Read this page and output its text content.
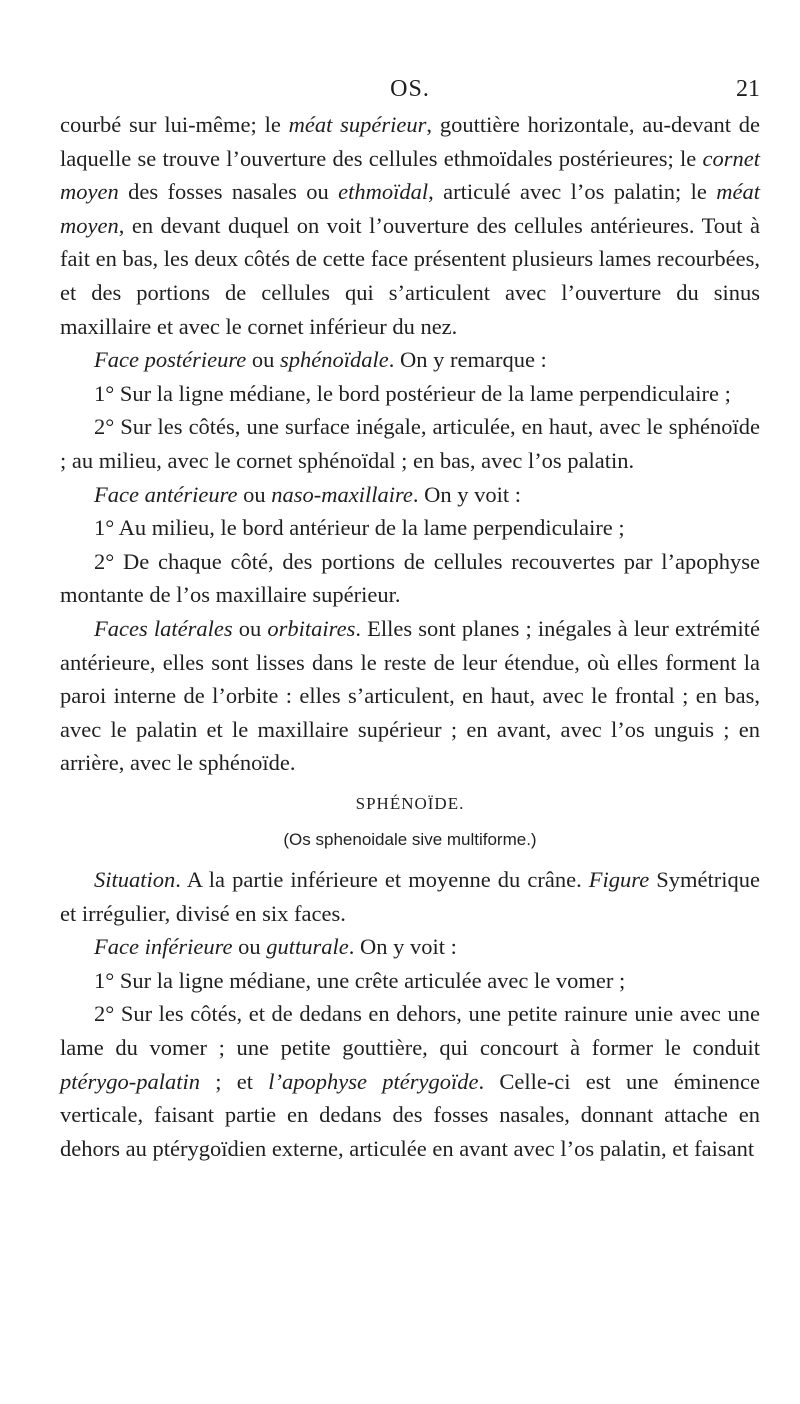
OS.	21

courbé sur lui-même; le méat supérieur, gouttière horizontale, au-devant de laquelle se trouve l’ouverture des cellules ethmoïdales postérieures; le cornet moyen des fosses nasales ou ethmoïdal, articulé avec l’os palatin; le méat moyen, en devant duquel on voit l’ouverture des cellules antérieures. Tout à fait en bas, les deux côtés de cette face présentent plusieurs lames recourbées, et des portions de cellules qui s’articulent avec l’ouverture du sinus maxillaire et avec le cornet inférieur du nez.

Face postérieure ou sphénoïdale. On y remarque :

1° Sur la ligne médiane, le bord postérieur de la lame perpendiculaire ;

2° Sur les côtés, une surface inégale, articulée, en haut, avec le sphénoïde ; au milieu, avec le cornet sphénoïdal ; en bas, avec l’os palatin.

Face antérieure ou naso-maxillaire. On y voit :

1° Au milieu, le bord antérieur de la lame perpendiculaire ;

2° De chaque côté, des portions de cellules recouvertes par l’apophyse montante de l’os maxillaire supérieur.

Faces latérales ou orbitaires. Elles sont planes ; inégales à leur extrémité antérieure, elles sont lisses dans le reste de leur étendue, où elles forment la paroi interne de l’orbite : elles s’articulent, en haut, avec le frontal ; en bas, avec le palatin et le maxillaire supérieur ; en avant, avec l’os unguis ; en arrière, avec le sphénoïde.

SPHÉNOÏDE.

(Os sphenoidale sive multiforme.)

Situation. A la partie inférieure et moyenne du crâne. Figure Symétrique et irrégulier, divisé en six faces.

Face inférieure ou gutturale. On y voit :

1° Sur la ligne médiane, une crête articulée avec le vomer ;

2° Sur les côtés, et de dedans en dehors, une petite rainure unie avec une lame du vomer ; une petite gouttière, qui concourt à former le conduit ptérygo-palatin ; et l’apophyse ptérygoïde. Celle-ci est une éminence verticale, faisant partie en dedans des fosses nasales, donnant attache en dehors au ptérygoïdien externe, articulée en avant avec l’os palatin, et faisant
